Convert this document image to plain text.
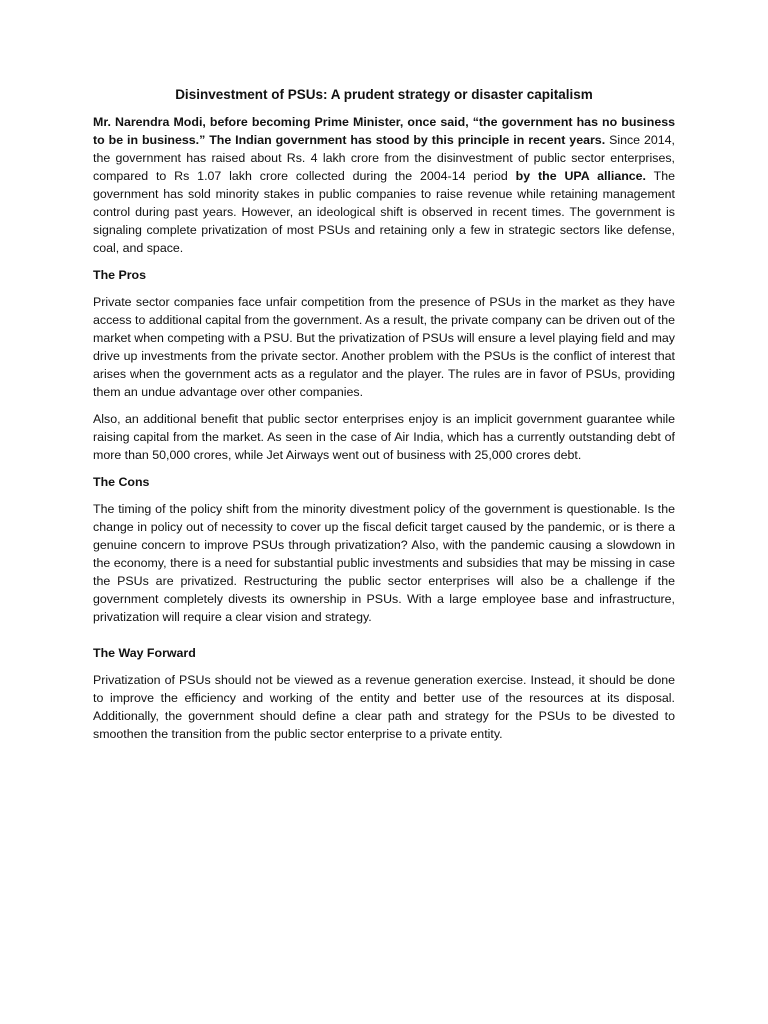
Disinvestment of PSUs: A prudent strategy or disaster capitalism

Mr. Narendra Modi, before becoming Prime Minister, once said, “the government has no business to be in business.” The Indian government has stood by this principle in recent years. Since 2014, the government has raised about Rs. 4 lakh crore from the disinvestment of public sector enterprises, compared to Rs 1.07 lakh crore collected during the 2004-14 period by the UPA alliance. The government has sold minority stakes in public companies to raise revenue while retaining management control during past years. However, an ideological shift is observed in recent times. The government is signaling complete privatization of most PSUs and retaining only a few in strategic sectors like defense, coal, and space.

The Pros

Private sector companies face unfair competition from the presence of PSUs in the market as they have access to additional capital from the government. As a result, the private company can be driven out of the market when competing with a PSU. But the privatization of PSUs will ensure a level playing field and may drive up investments from the private sector. Another problem with the PSUs is the conflict of interest that arises when the government acts as a regulator and the player. The rules are in favor of PSUs, providing them an undue advantage over other companies.

Also, an additional benefit that public sector enterprises enjoy is an implicit government guarantee while raising capital from the market. As seen in the case of Air India, which has a currently outstanding debt of more than 50,000 crores, while Jet Airways went out of business with 25,000 crores debt.

The Cons

The timing of the policy shift from the minority divestment policy of the government is questionable. Is the change in policy out of necessity to cover up the fiscal deficit target caused by the pandemic, or is there a genuine concern to improve PSUs through privatization? Also, with the pandemic causing a slowdown in the economy, there is a need for substantial public investments and subsidies that may be missing in case the PSUs are privatized. Restructuring the public sector enterprises will also be a challenge if the government completely divests its ownership in PSUs. With a large employee base and infrastructure, privatization will require a clear vision and strategy.

The Way Forward

Privatization of PSUs should not be viewed as a revenue generation exercise. Instead, it should be done to improve the efficiency and working of the entity and better use of the resources at its disposal. Additionally, the government should define a clear path and strategy for the PSUs to be divested to smoothen the transition from the public sector enterprise to a private entity.
